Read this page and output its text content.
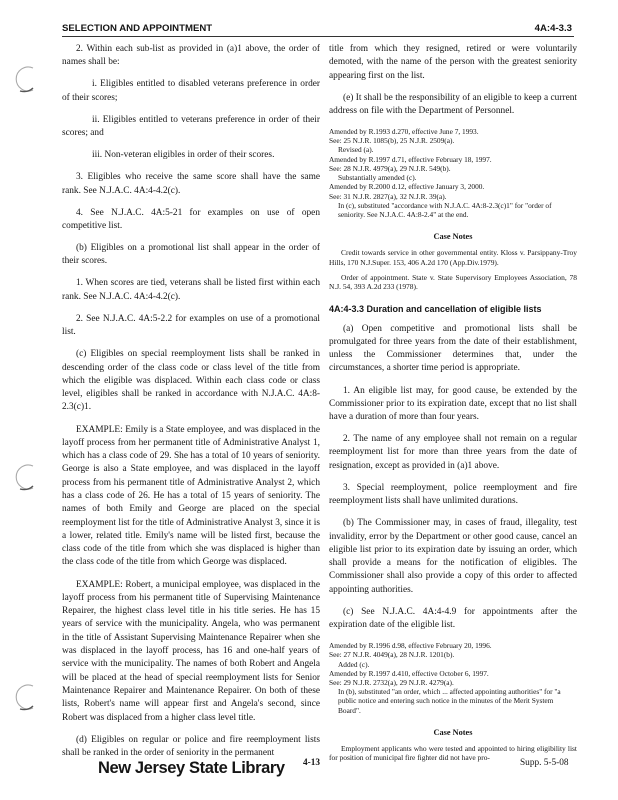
SELECTION AND APPOINTMENT	4A:4-3.3

2. Within each sub-list as provided in (a)1 above, the order of names shall be:

i. Eligibles entitled to disabled veterans preference in order of their scores;

ii. Eligibles entitled to veterans preference in order of their scores; and

iii. Non-veteran eligibles in order of their scores.

3. Eligibles who receive the same score shall have the same rank. See N.J.A.C. 4A:4-4.2(c).

4. See N.J.A.C. 4A:5-21 for examples on use of open competitive list.

(b) Eligibles on a promotional list shall appear in the order of their scores.

1. When scores are tied, veterans shall be listed first within each rank. See N.J.A.C. 4A:4-4.2(c).

2. See N.J.A.C. 4A:5-2.2 for examples on use of a promotional list.

(c) Eligibles on special reemployment lists shall be ranked in descending order of the class code or class level of the title from which the eligible was displaced. Within each class code or class level, eligibles shall be ranked in accordance with N.J.A.C. 4A:8-2.3(c)1.

EXAMPLE: Emily is a State employee, and was displaced in the layoff process from her permanent title of Administrative Analyst 1, which has a class code of 29. She has a total of 10 years of seniority. George is also a State employee, and was displaced in the layoff process from his permanent title of Administrative Analyst 2, which has a class code of 26. He has a total of 15 years of seniority. The names of both Emily and George are placed on the special reemployment list for the title of Administrative Analyst 3, since it is a lower, related title. Emily's name will be listed first, because the class code of the title from which she was displaced is higher than the class code of the title from which George was displaced.

EXAMPLE: Robert, a municipal employee, was displaced in the layoff process from his permanent title of Supervising Maintenance Repairer, the highest class level title in his title series. He has 15 years of service with the municipality. Angela, who was permanent in the title of Assistant Supervising Maintenance Repairer when she was displaced in the layoff process, has 16 and one-half years of service with the municipality. The names of both Robert and Angela will be placed at the head of special reemployment lists for Senior Maintenance Repairer and Maintenance Repairer. On both of these lists, Robert's name will appear first and Angela's second, since Robert was displaced from a higher class level title.

(d) Eligibles on regular or police and fire reemployment lists shall be ranked in the order of seniority in the permanent

title from which they resigned, retired or were voluntarily demoted, with the name of the person with the greatest seniority appearing first on the list.

(e) It shall be the responsibility of an eligible to keep a current address on file with the Department of Personnel.

Amended by R.1993 d.270, effective June 7, 1993.
See: 25 N.J.R. 1085(b), 25 N.J.R. 2509(a).
Revised (a).
Amended by R.1997 d.71, effective February 18, 1997.
See: 28 N.J.R. 4979(a), 29 N.J.R. 549(b).
Substantially amended (c).
Amended by R.2000 d.12, effective January 3, 2000.
See: 31 N.J.R. 2827(a), 32 N.J.R. 39(a).
In (c), substituted "accordance with N.J.A.C. 4A:8-2.3(c)1" for "order of seniority. See N.J.A.C. 4A:8-2.4" at the end.
Case Notes

Credit towards service in other governmental entity. Kloss v. Parsippany-Troy Hills, 170 N.J.Super. 153, 406 A.2d 170 (App.Div.1979).

Order of appointment. State v. State Supervisory Employees Association, 78 N.J. 54, 393 A.2d 233 (1978).

4A:4-3.3 Duration and cancellation of eligible lists

(a) Open competitive and promotional lists shall be promulgated for three years from the date of their establishment, unless the Commissioner determines that, under the circumstances, a shorter time period is appropriate.

1. An eligible list may, for good cause, be extended by the Commissioner prior to its expiration date, except that no list shall have a duration of more than four years.

2. The name of any employee shall not remain on a regular reemployment list for more than three years from the date of resignation, except as provided in (a)1 above.

3. Special reemployment, police reemployment and fire reemployment lists shall have unlimited durations.

(b) The Commissioner may, in cases of fraud, illegality, test invalidity, error by the Department or other good cause, cancel an eligible list prior to its expiration date by issuing an order, which shall provide a means for the notification of eligibles. The Commissioner shall also provide a copy of this order to affected appointing authorities.

(c) See N.J.A.C. 4A:4-4.9 for appointments after the expiration date of the eligible list.

Amended by R.1996 d.98, effective February 20, 1996.
See: 27 N.J.R. 4049(a), 28 N.J.R. 1201(b).
Added (c).
Amended by R.1997 d.410, effective October 6, 1997.
See: 29 N.J.R. 2732(a), 29 N.J.R. 4279(a).
In (b), substituted "an order, which ... affected appointing authorities" for "a public notice and entering such notice in the minutes of the Merit System Board".
Case Notes

Employment applicants who were tested and appointed to hiring eligibility list for position of municipal fire fighter did not have pro-

New Jersey State Library 4-13	Supp. 5-5-08
